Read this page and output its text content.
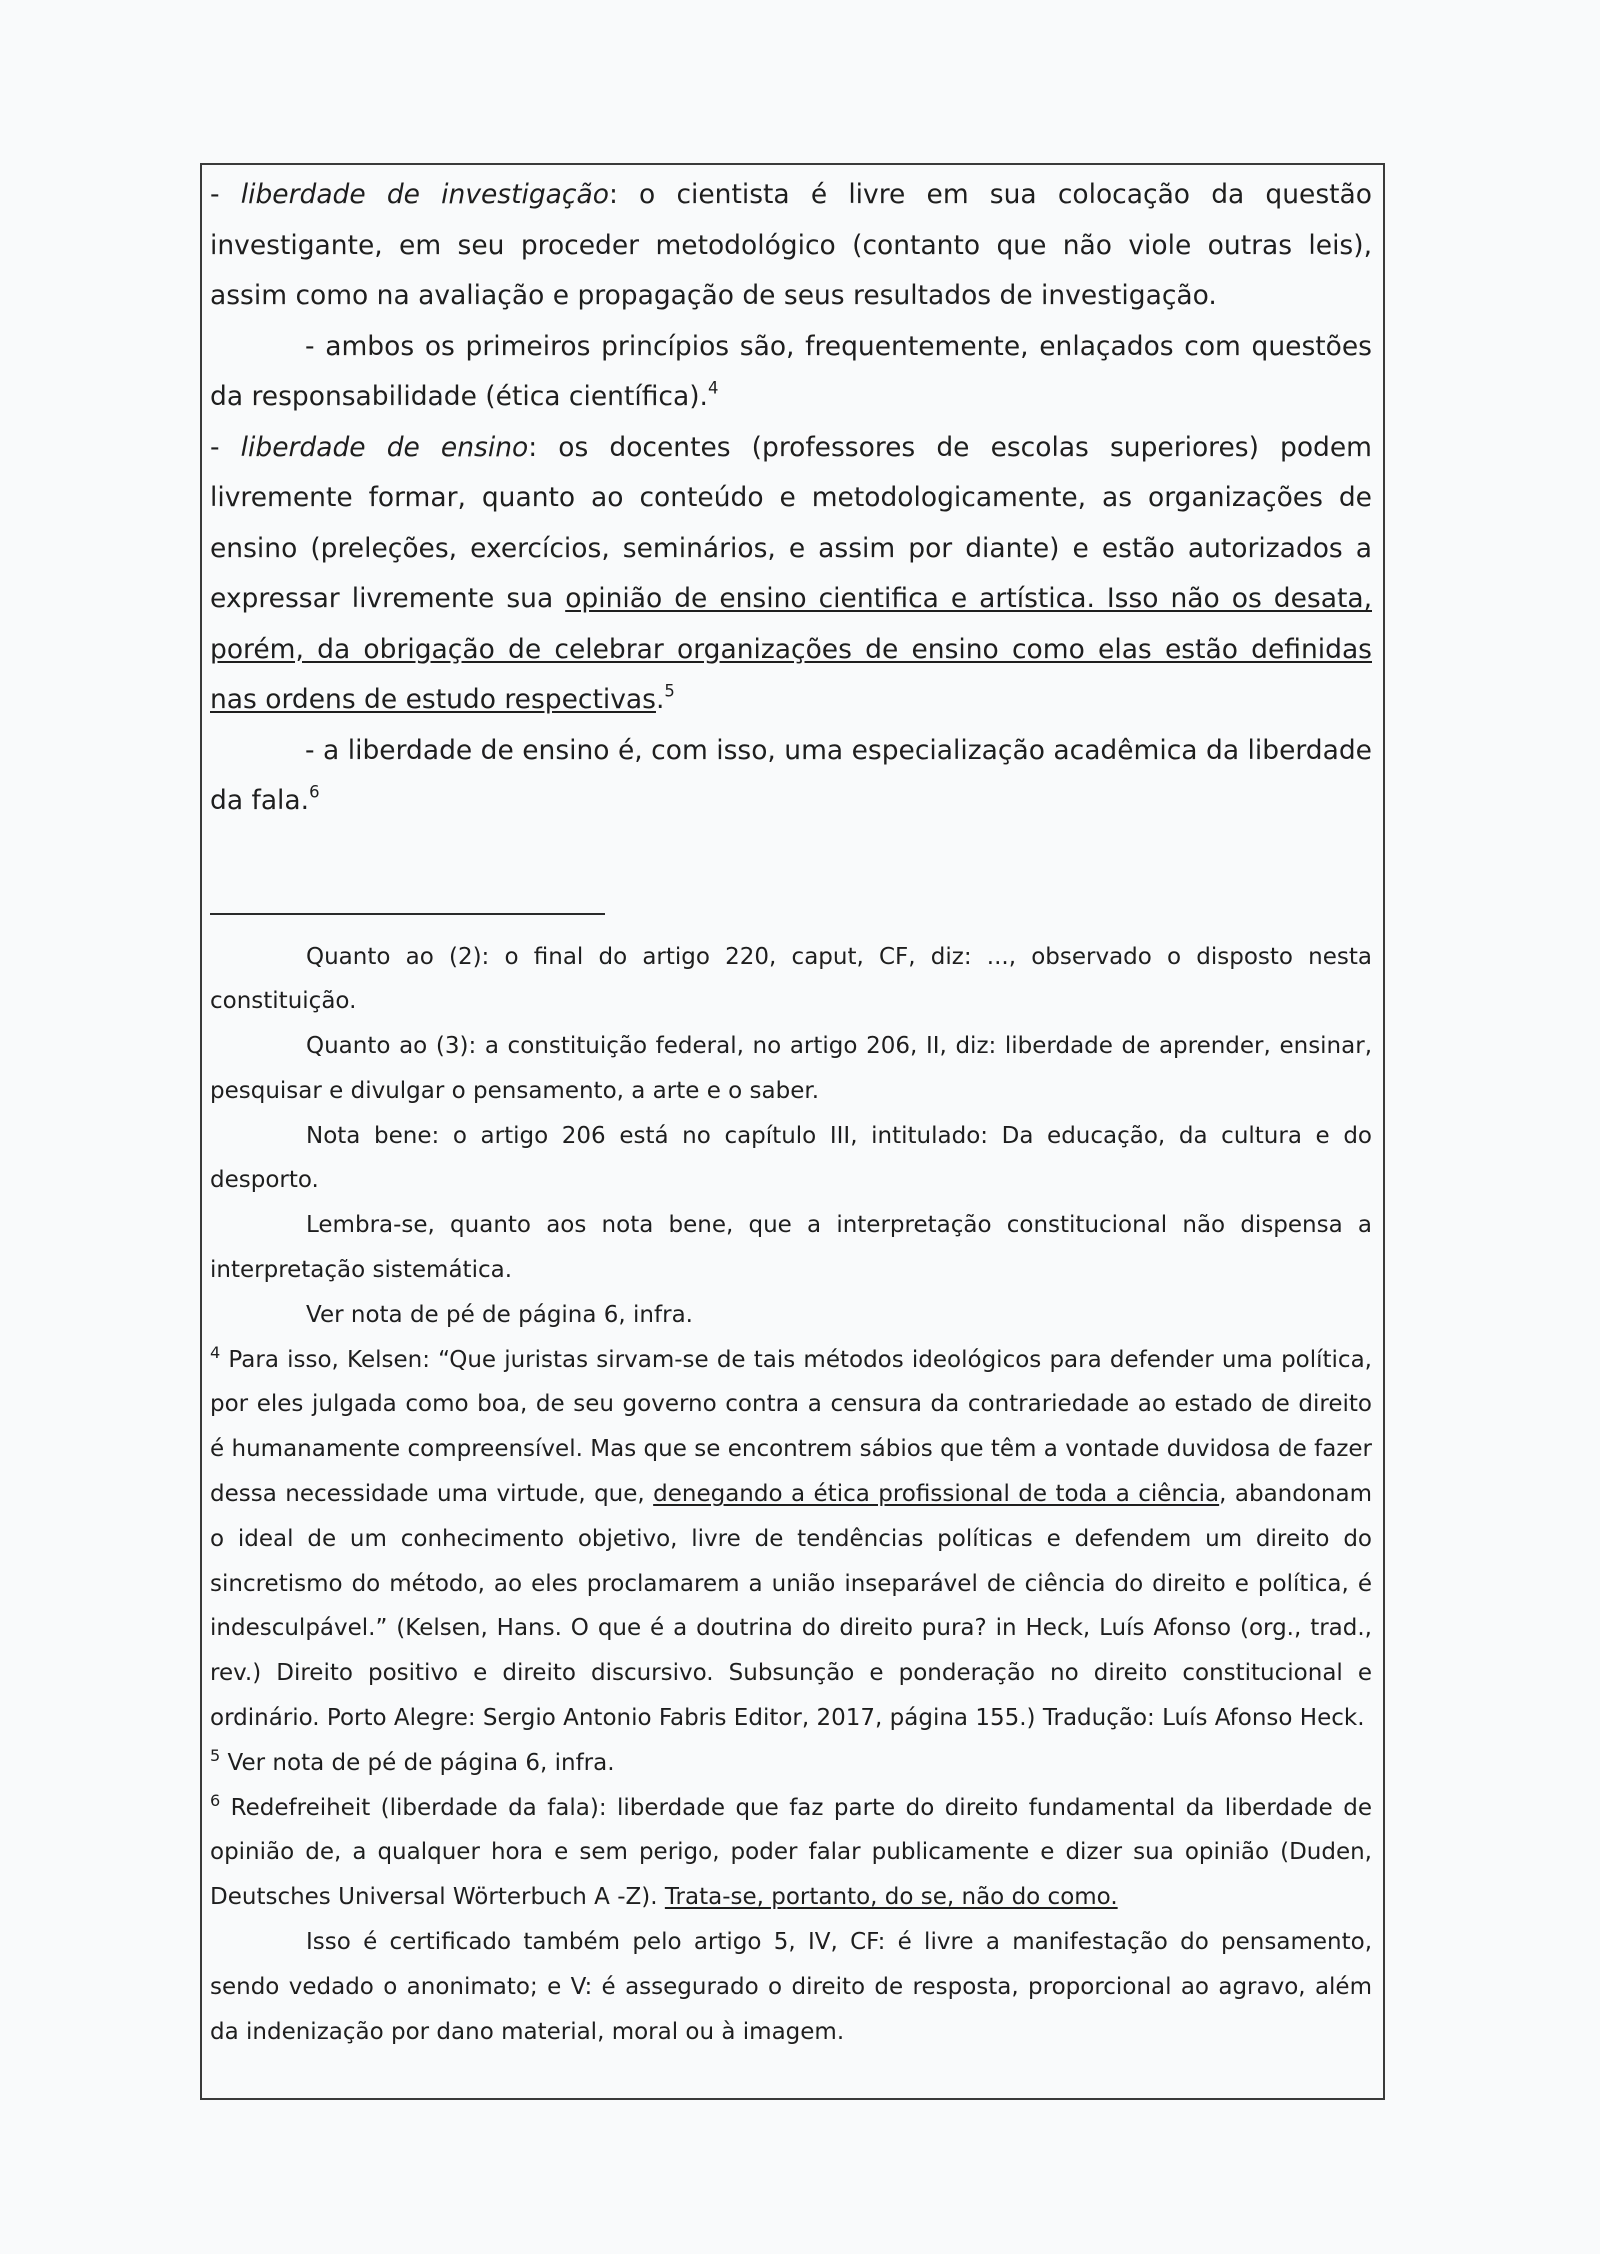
- liberdade de investigação: o cientista é livre em sua colocação da questão investigante, em seu proceder metodológico (contanto que não viole outras leis), assim como na avaliação e propagação de seus resultados de investigação.

- ambos os primeiros princípios são, frequentemente, enlaçados com questões da responsabilidade (ética científica).$^4$

- liberdade de ensino: os docentes (professores de escolas superiores) podem livremente formar, quanto ao conteúdo e metodologicamente, as organizações de ensino (preleções, exercícios, seminários, e assim por diante) e estão autorizados a expressar livremente sua opinião de ensino cientifica e artística. Isso não os desata, porém, da obrigação de celebrar organizações de ensino como elas estão definidas nas ordens de estudo respectivas.$^5$

- a liberdade de ensino é, com isso, uma especialização acadêmica da liberdade da fala.$^6$

Quanto ao (2): o final do artigo 220, caput, CF, diz: ..., observado o disposto nesta constituição.

Quanto ao (3): a constituição federal, no artigo 206, II, diz: liberdade de aprender, ensinar, pesquisar e divulgar o pensamento, a arte e o saber.

Nota bene: o artigo 206 está no capítulo III, intitulado: Da educação, da cultura e do desporto.

Lembra-se, quanto aos nota bene, que a interpretação constitucional não dispensa a interpretação sistemática.

Ver nota de pé de página 6, infra.

$^4$ Para isso, Kelsen: “Que juristas sirvam-se de tais métodos ideológicos para defender uma política, por eles julgada como boa, de seu governo contra a censura da contrariedade ao estado de direito é humanamente compreensível. Mas que se encontrem sábios que têm a vontade duvidosa de fazer dessa necessidade uma virtude, que, denegando a ética profissional de toda a ciência, abandonam o ideal de um conhecimento objetivo, livre de tendências políticas e defendem um direito do sincretismo do método, ao eles proclamarem a união inseparável de ciência do direito e política, é indesculpável.” (Kelsen, Hans. O que é a doutrina do direito pura? in Heck, Luís Afonso (org., trad., rev.) Direito positivo e direito discursivo. Subsunção e ponderação no direito constitucional e ordinário. Porto Alegre: Sergio Antonio Fabris Editor, 2017, página 155.) Tradução: Luís Afonso Heck.

$^5$ Ver nota de pé de página 6, infra.

$^6$ Redefreiheit (liberdade da fala): liberdade que faz parte do direito fundamental da liberdade de opinião de, a qualquer hora e sem perigo, poder falar publicamente e dizer sua opinião (Duden, Deutsches Universal Wörterbuch A -Z). Trata-se, portanto, do se, não do como.

Isso é certificado também pelo artigo 5, IV, CF: é livre a manifestação do pensamento, sendo vedado o anonimato; e V: é assegurado o direito de resposta, proporcional ao agravo, além da indenização por dano material, moral ou à imagem.
